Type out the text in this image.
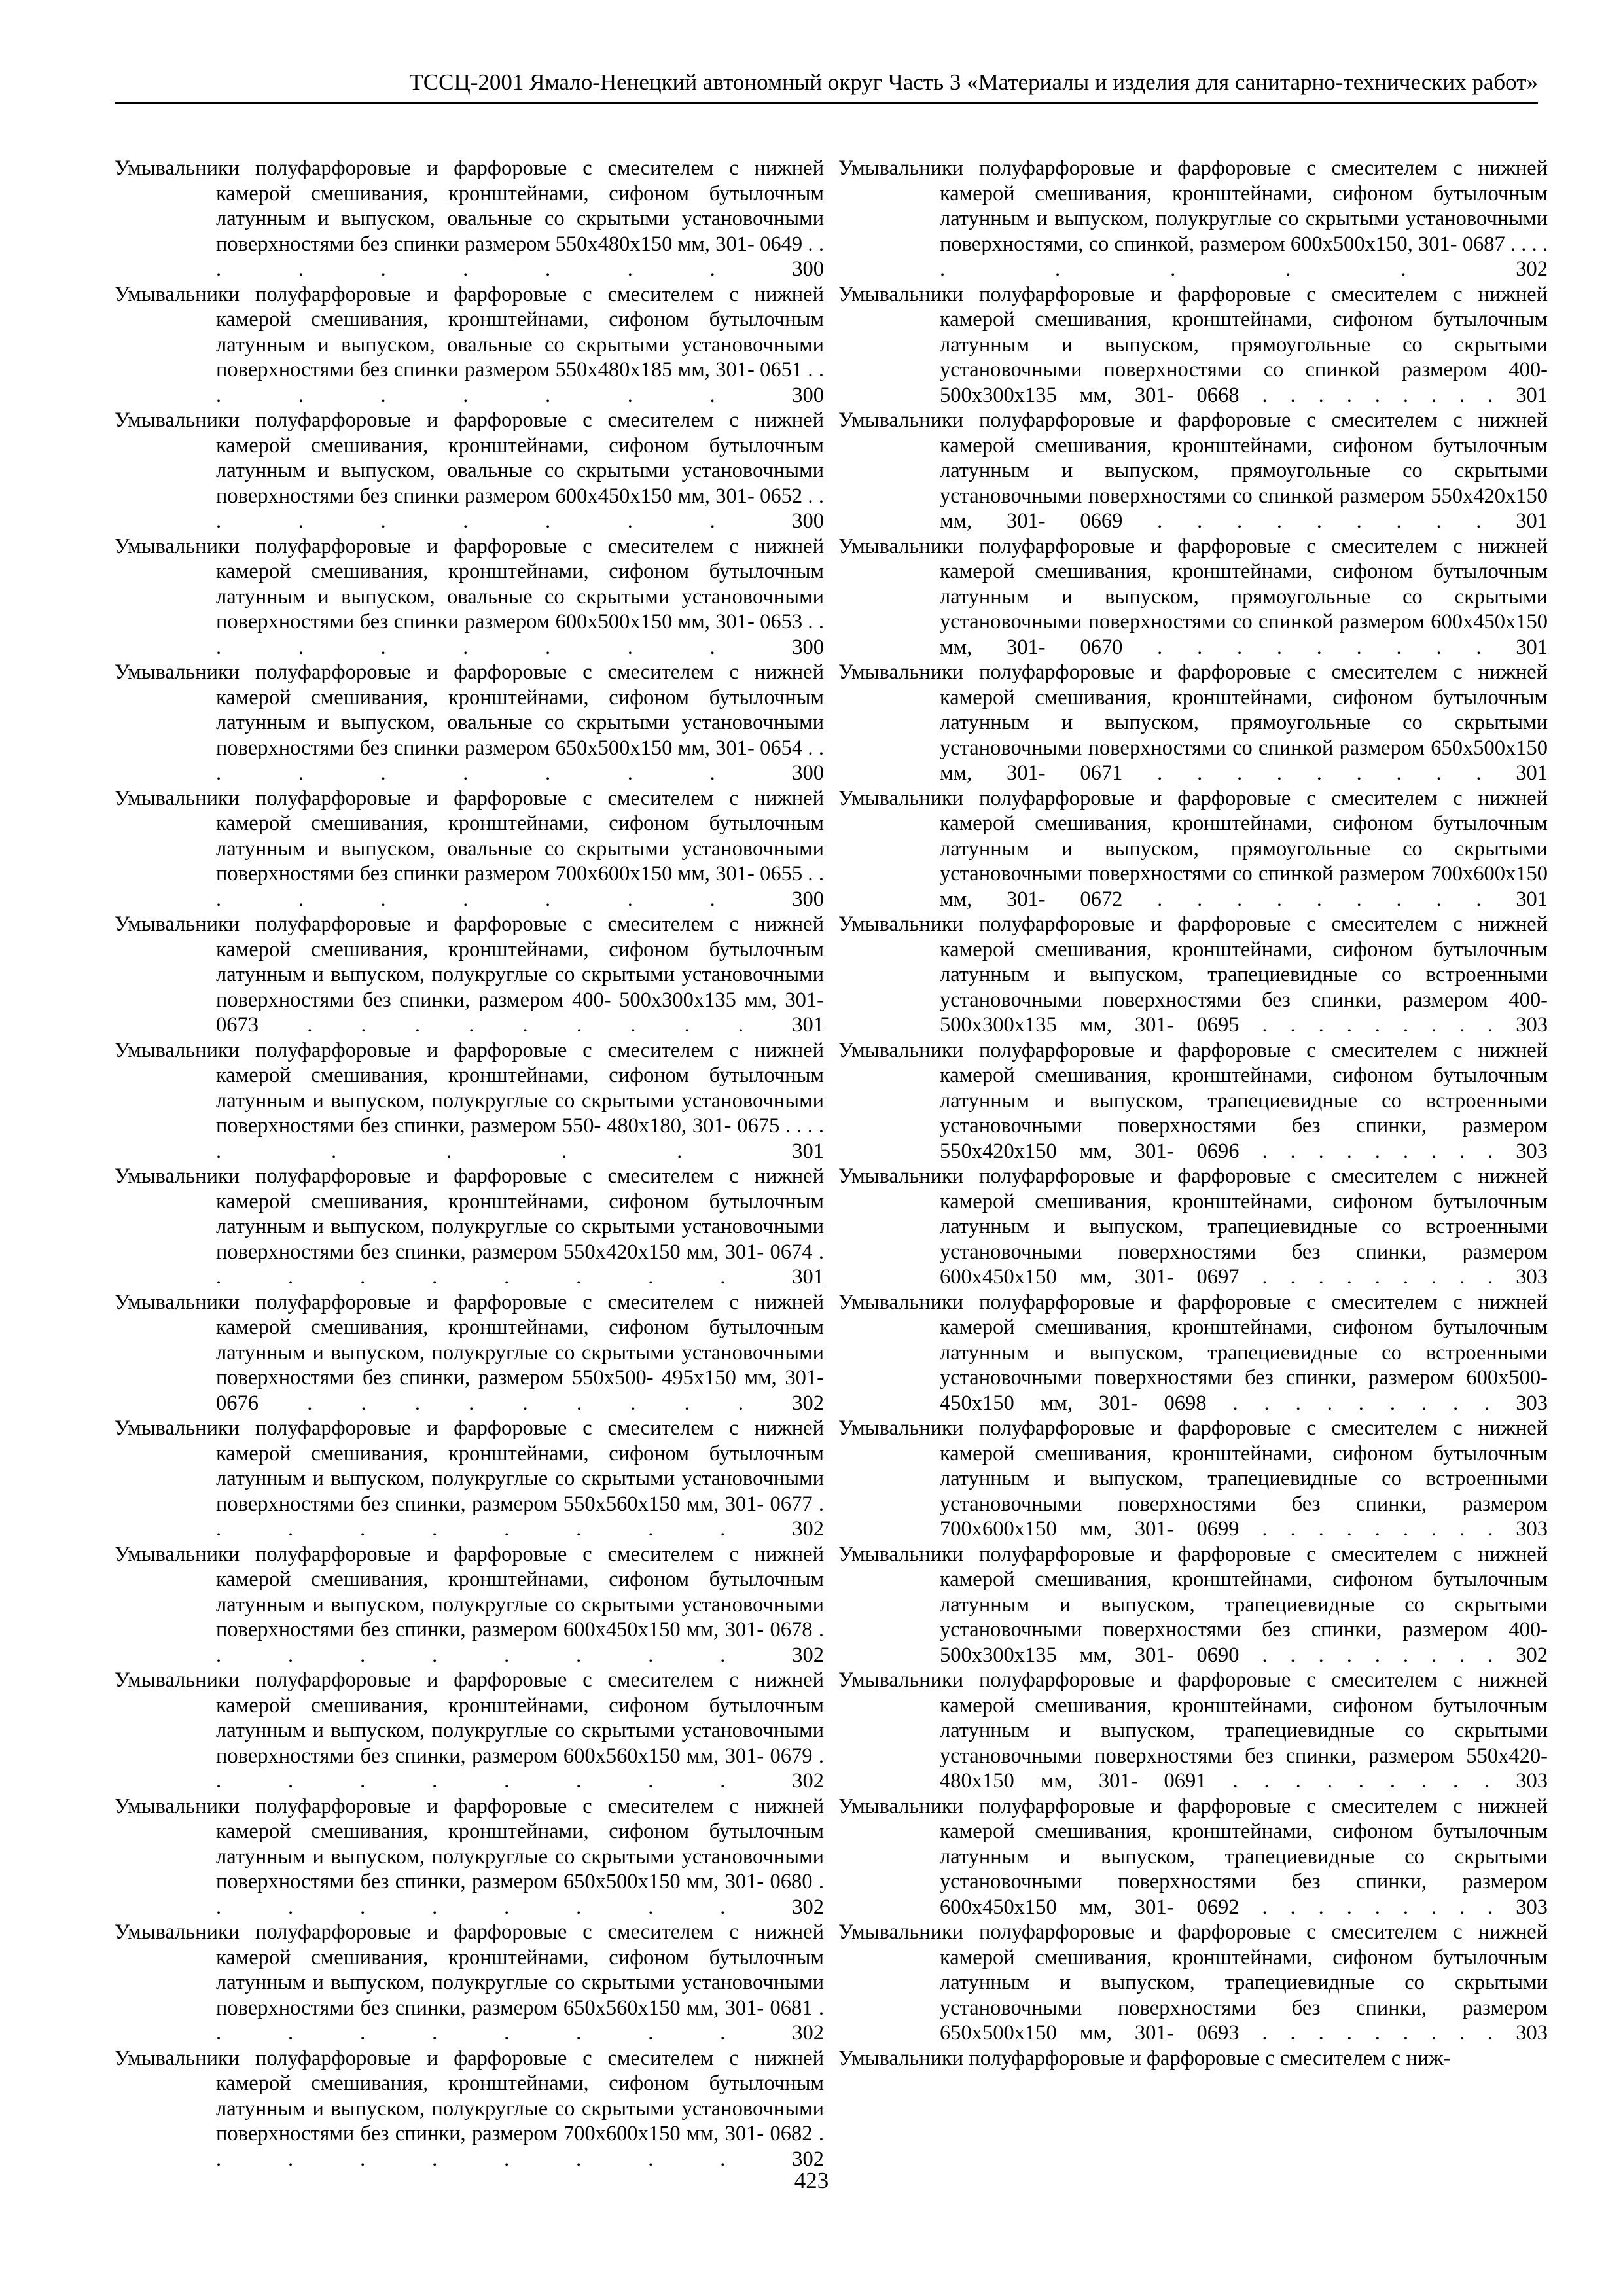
ТССЦ-2001 Ямало-Ненецкий автономный округ Часть 3 «Материалы и изделия для санитарно-технических работ»

Умывальники полуфарфоровые и фарфоровые с смесителем с нижней камерой смешивания, кронштейнами, сифоном бутылочным латунным и выпуском, овальные со скрытыми установочными поверхностями без спинки размером 550х480х150 мм, 301- 0649 . . . . . . . . . 300

Умывальники полуфарфоровые и фарфоровые с смесителем с нижней камерой смешивания, кронштейнами, сифоном бутылочным латунным и выпуском, овальные со скрытыми установочными поверхностями без спинки размером 550х480х185 мм, 301- 0651 . . . . . . . . . 300

Умывальники полуфарфоровые и фарфоровые с смесителем с нижней камерой смешивания, кронштейнами, сифоном бутылочным латунным и выпуском, овальные со скрытыми установочными поверхностями без спинки размером 600х450х150 мм, 301- 0652 . . . . . . . . . 300

Умывальники полуфарфоровые и фарфоровые с смесителем с нижней камерой смешивания, кронштейнами, сифоном бутылочным латунным и выпуском, овальные со скрытыми установочными поверхностями без спинки размером 600х500х150 мм, 301- 0653 . . . . . . . . . 300

Умывальники полуфарфоровые и фарфоровые с смесителем с нижней камерой смешивания, кронштейнами, сифоном бутылочным латунным и выпуском, овальные со скрытыми установочными поверхностями без спинки размером 650х500х150 мм, 301- 0654 . . . . . . . . . 300

Умывальники полуфарфоровые и фарфоровые с смесителем с нижней камерой смешивания, кронштейнами, сифоном бутылочным латунным и выпуском, овальные со скрытыми установочными поверхностями без спинки размером 700х600х150 мм, 301- 0655 . . . . . . . . . 300

Умывальники полуфарфоровые и фарфоровые с смесителем с нижней камерой смешивания, кронштейнами, сифоном бутылочным латунным и выпуском, полукруглые со скрытыми установочными поверхностями без спинки, размером 400- 500х300х135 мм, 301- 0673 . . . . . . . . . 301

Умывальники полуфарфоровые и фарфоровые с смесителем с нижней камерой смешивания, кронштейнами, сифоном бутылочным латунным и выпуском, полукруглые со скрытыми установочными поверхностями без спинки, размером 550- 480х180, 301- 0675 . . . . . . . . . 301

Умывальники полуфарфоровые и фарфоровые с смесителем с нижней камерой смешивания, кронштейнами, сифоном бутылочным латунным и выпуском, полукруглые со скрытыми установочными поверхностями без спинки, размером 550х420х150 мм, 301- 0674 . . . . . . . . . 301

Умывальники полуфарфоровые и фарфоровые с смесителем с нижней камерой смешивания, кронштейнами, сифоном бутылочным латунным и выпуском, полукруглые со скрытыми установочными поверхностями без спинки, размером 550х500- 495х150 мм, 301- 0676 . . . . . . . . . 302

Умывальники полуфарфоровые и фарфоровые с смесителем с нижней камерой смешивания, кронштейнами, сифоном бутылочным латунным и выпуском, полукруглые со скрытыми установочными поверхностями без спинки, размером 550х560х150 мм, 301- 0677 . . . . . . . . . 302

Умывальники полуфарфоровые и фарфоровые с смесителем с нижней камерой смешивания, кронштейнами, сифоном бутылочным латунным и выпуском, полукруглые со скрытыми установочными поверхностями без спинки, размером 600х450х150 мм, 301- 0678 . . . . . . . . . 302

Умывальники полуфарфоровые и фарфоровые с смесителем с нижней камерой смешивания, кронштейнами, сифоном бутылочным латунным и выпуском, полукруглые со скрытыми установочными поверхностями без спинки, размером 600х560х150 мм, 301- 0679 . . . . . . . . . 302

Умывальники полуфарфоровые и фарфоровые с смесителем с нижней камерой смешивания, кронштейнами, сифоном бутылочным латунным и выпуском, полукруглые со скрытыми установочными поверхностями без спинки, размером 650х500х150 мм, 301- 0680 . . . . . . . . . 302

Умывальники полуфарфоровые и фарфоровые с смесителем с нижней камерой смешивания, кронштейнами, сифоном бутылочным латунным и выпуском, полукруглые со скрытыми установочными поверхностями без спинки, размером 650х560х150 мм, 301- 0681 . . . . . . . . . 302

Умывальники полуфарфоровые и фарфоровые с смесителем с нижней камерой смешивания, кронштейнами, сифоном бутылочным латунным и выпуском, полукруглые со скрытыми установочными поверхностями без спинки, размером 700х600х150 мм, 301- 0682 . . . . . . . . . 302

Умывальники полуфарфоровые и фарфоровые с смесителем с нижней камерой смешивания, кронштейнами, сифоном бутылочным латунным и выпуском, полукруглые со скрытыми установочными поверхностями, со спинкой, размером 600х500х150, 301- 0687 . . . . . . . . . 302

Умывальники полуфарфоровые и фарфоровые с смесителем с нижней камерой смешивания, кронштейнами, сифоном бутылочным латунным и выпуском, прямоугольные со скрытыми установочными поверхностями со спинкой размером 400- 500х300х135 мм, 301- 0668 . . . . . . . . . 301

Умывальники полуфарфоровые и фарфоровые с смесителем с нижней камерой смешивания, кронштейнами, сифоном бутылочным латунным и выпуском, прямоугольные со скрытыми установочными поверхностями со спинкой размером 550х420х150 мм, 301- 0669 . . . . . . . . . 301

Умывальники полуфарфоровые и фарфоровые с смесителем с нижней камерой смешивания, кронштейнами, сифоном бутылочным латунным и выпуском, прямоугольные со скрытыми установочными поверхностями со спинкой размером 600х450х150 мм, 301- 0670 . . . . . . . . . 301

Умывальники полуфарфоровые и фарфоровые с смесителем с нижней камерой смешивания, кронштейнами, сифоном бутылочным латунным и выпуском, прямоугольные со скрытыми установочными поверхностями со спинкой размером 650х500х150 мм, 301- 0671 . . . . . . . . . 301

Умывальники полуфарфоровые и фарфоровые с смесителем с нижней камерой смешивания, кронштейнами, сифоном бутылочным латунным и выпуском, прямоугольные со скрытыми установочными поверхностями со спинкой размером 700х600х150 мм, 301- 0672 . . . . . . . . . 301

Умывальники полуфарфоровые и фарфоровые с смесителем с нижней камерой смешивания, кронштейнами, сифоном бутылочным латунным и выпуском, трапециевидные со встроенными установочными поверхностями без спинки, размером 400- 500х300х135 мм, 301- 0695 . . . . . . . . . 303

Умывальники полуфарфоровые и фарфоровые с смесителем с нижней камерой смешивания, кронштейнами, сифоном бутылочным латунным и выпуском, трапециевидные со встроенными установочными поверхностями без спинки, размером 550х420х150 мм, 301- 0696 . . . . . . . . . 303

Умывальники полуфарфоровые и фарфоровые с смесителем с нижней камерой смешивания, кронштейнами, сифоном бутылочным латунным и выпуском, трапециевидные со встроенными установочными поверхностями без спинки, размером 600х450х150 мм, 301- 0697 . . . . . . . . . 303

Умывальники полуфарфоровые и фарфоровые с смесителем с нижней камерой смешивания, кронштейнами, сифоном бутылочным латунным и выпуском, трапециевидные со встроенными установочными поверхностями без спинки, размером 600х500- 450х150 мм, 301- 0698 . . . . . . . . . 303

Умывальники полуфарфоровые и фарфоровые с смесителем с нижней камерой смешивания, кронштейнами, сифоном бутылочным латунным и выпуском, трапециевидные со встроенными установочными поверхностями без спинки, размером 700х600х150 мм, 301- 0699 . . . . . . . . . 303

Умывальники полуфарфоровые и фарфоровые с смесителем с нижней камерой смешивания, кронштейнами, сифоном бутылочным латунным и выпуском, трапециевидные со скрытыми установочными поверхностями без спинки, размером 400- 500х300х135 мм, 301- 0690 . . . . . . . . . 302

Умывальники полуфарфоровые и фарфоровые с смесителем с нижней камерой смешивания, кронштейнами, сифоном бутылочным латунным и выпуском, трапециевидные со скрытыми установочными поверхностями без спинки, размером 550х420- 480х150 мм, 301- 0691 . . . . . . . . . 303

Умывальники полуфарфоровые и фарфоровые с смесителем с нижней камерой смешивания, кронштейнами, сифоном бутылочным латунным и выпуском, трапециевидные со скрытыми установочными поверхностями без спинки, размером 600х450х150 мм, 301- 0692 . . . . . . . . . 303

Умывальники полуфарфоровые и фарфоровые с смесителем с нижней камерой смешивания, кронштейнами, сифоном бутылочным латунным и выпуском, трапециевидные со скрытыми установочными поверхностями без спинки, размером 650х500х150 мм, 301- 0693 . . . . . . . . . 303

Умывальники полуфарфоровые и фарфоровые с смесителем с ниж-

423
